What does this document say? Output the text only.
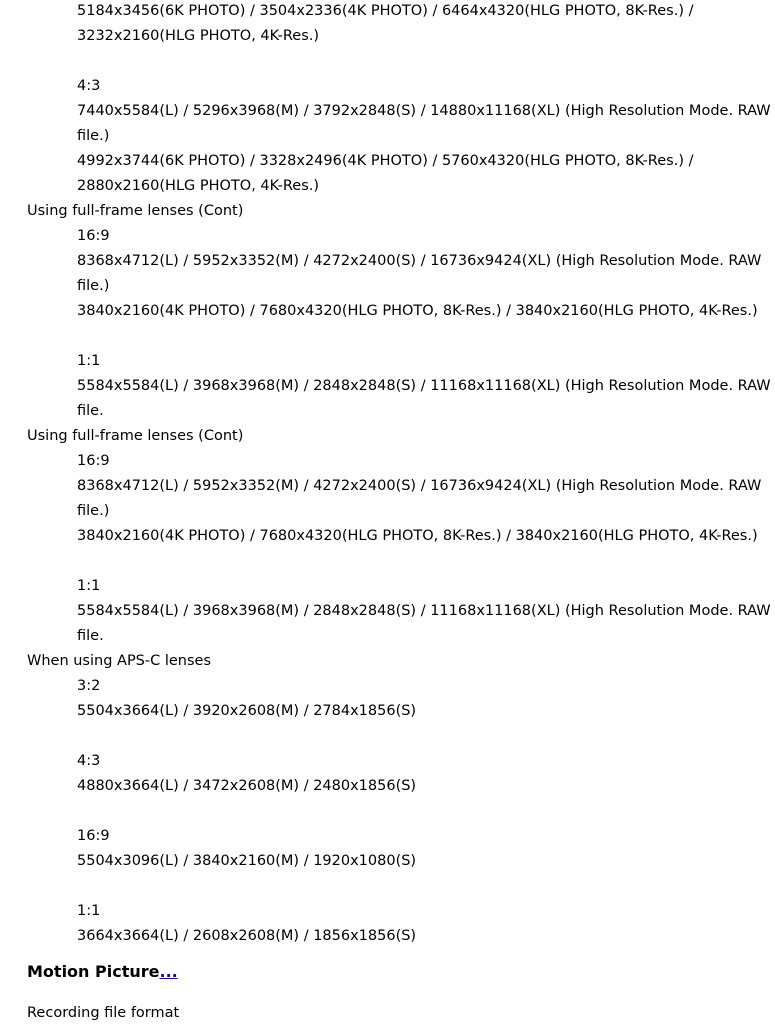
5184x3456(6K PHOTO) / 3504x2336(4K PHOTO) / 6464x4320(HLG PHOTO, 8K-Res.) /
3232x2160(HLG PHOTO, 4K-Res.)
4:3
7440x5584(L) / 5296x3968(M) / 3792x2848(S) / 14880x11168(XL) (High Resolution Mode. RAW
file.)
4992x3744(6K PHOTO) / 3328x2496(4K PHOTO) / 5760x4320(HLG PHOTO, 8K-Res.) /
2880x2160(HLG PHOTO, 4K-Res.)
Using full-frame lenses (Cont)
16:9
8368x4712(L) / 5952x3352(M) / 4272x2400(S) / 16736x9424(XL) (High Resolution Mode. RAW
file.)
3840x2160(4K PHOTO) / 7680x4320(HLG PHOTO, 8K-Res.) / 3840x2160(HLG PHOTO, 4K-Res.)
1:1
5584x5584(L) / 3968x3968(M) / 2848x2848(S) / 11168x11168(XL) (High Resolution Mode. RAW
file.
Using full-frame lenses (Cont)
16:9
8368x4712(L) / 5952x3352(M) / 4272x2400(S) / 16736x9424(XL) (High Resolution Mode. RAW
file.)
3840x2160(4K PHOTO) / 7680x4320(HLG PHOTO, 8K-Res.) / 3840x2160(HLG PHOTO, 4K-Res.)
1:1
5584x5584(L) / 3968x3968(M) / 2848x2848(S) / 11168x11168(XL) (High Resolution Mode. RAW
file.
When using APS-C lenses
3:2
5504x3664(L) / 3920x2608(M) / 2784x1856(S)
4:3
4880x3664(L) / 3472x2608(M) / 2480x1856(S)
16:9
5504x3096(L) / 3840x2160(M) / 1920x1080(S)
1:1
3664x3664(L) / 2608x2608(M) / 1856x1856(S)
Motion Picture...
Recording file format
